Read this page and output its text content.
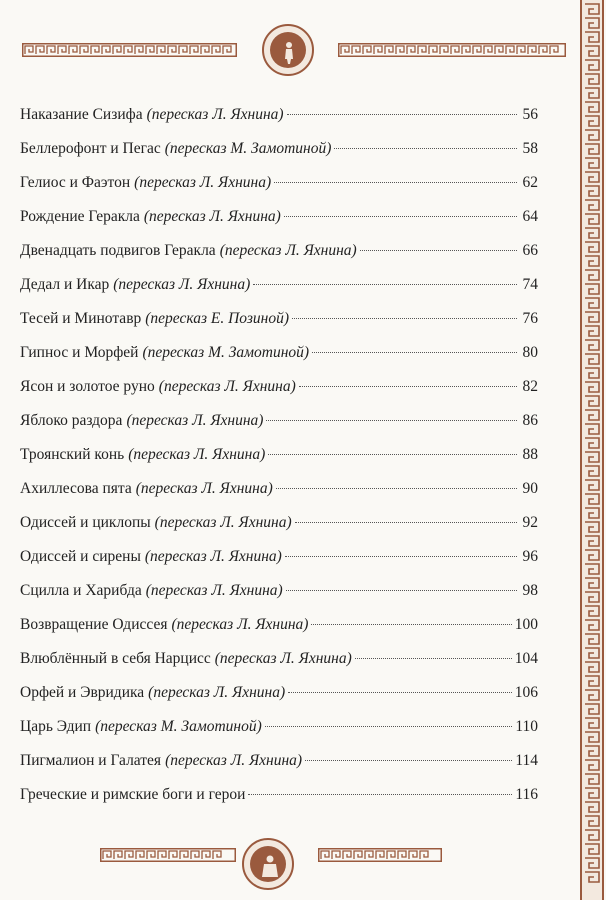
Наказание Сизифа (пересказ Л. Яхнина)	56
Беллерофонт и Пегас (пересказ М. Замотиной)	58
Гелиос и Фаэтон (пересказ Л. Яхнина)	62
Рождение Геракла (пересказ Л. Яхнина)	64
Двенадцать подвигов Геракла (пересказ Л. Яхнина)	66
Дедал и Икар (пересказ Л. Яхнина)	74
Тесей и Минотавр (пересказ Е. Позиной)	76
Гипнос и Морфей (пересказ М. Замотиной)	80
Ясон и золотое руно (пересказ Л. Яхнина)	82
Яблоко раздора (пересказ Л. Яхнина)	86
Троянский конь (пересказ Л. Яхнина)	88
Ахиллесова пята (пересказ Л. Яхнина)	90
Одиссей и циклопы (пересказ Л. Яхнина)	92
Одиссей и сирены (пересказ Л. Яхнина)	96
Сцилла и Харибда (пересказ Л. Яхнина)	98
Возвращение Одиссея (пересказ Л. Яхнина)	100
Влюблённый в себя Нарцисс (пересказ Л. Яхнина)	104
Орфей и Эвридика (пересказ Л. Яхнина)	106
Царь Эдип (пересказ М. Замотиной)	110
Пигмалион и Галатея (пересказ Л. Яхнина)	114
Греческие и римские боги и герои	116
